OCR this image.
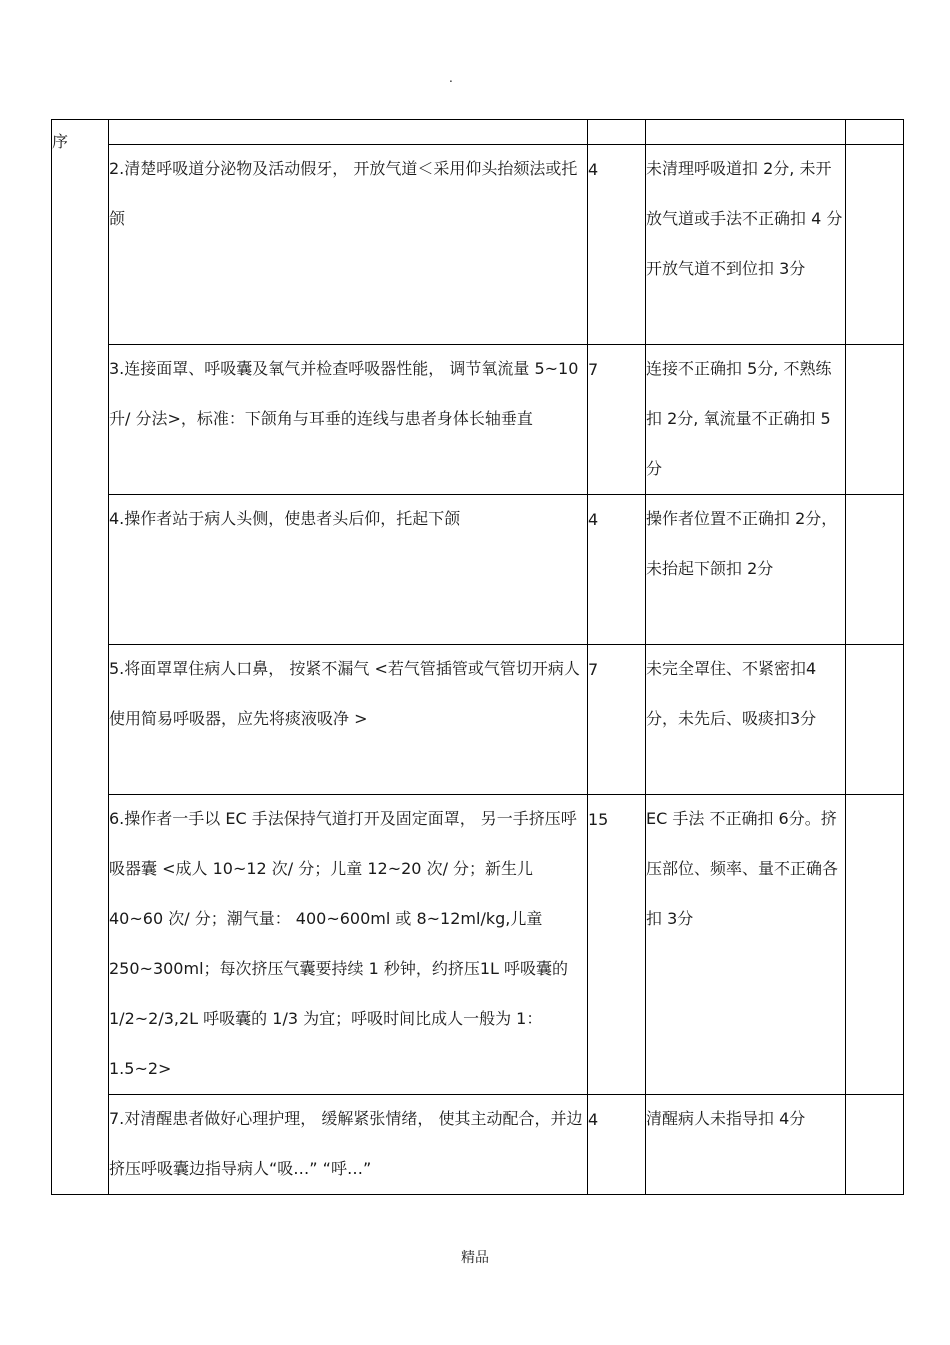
.
序				

	2.清楚呼吸道分泌物及活动假牙， 开放气道＜采用仰头抬颏法或托颌	4	未清理呼吸道扣 2分, 未开放气道或手法不正确扣 4 分开放气道不到位扣 3分	

	3.连接面罩、呼吸囊及氧气并检查呼吸器性能， 调节氧流量 5~10 升/ 分法>，标准：下颌角与耳垂的连线与患者身体长轴垂直	7	连接不正确扣 5分, 不熟练扣 2分, 氧流量不正确扣 5分	

	4.操作者站于病人头侧，使患者头后仰，托起下颌	4	操作者位置不正确扣 2分，未抬起下颌扣 2分	

	5.将面罩罩住病人口鼻， 按紧不漏气 <若气管插管或气管切开病人使用简易呼吸器，应先将痰液吸净 >	7	未完全罩住、不紧密扣4分，未先后、吸痰扣3分	

	6.操作者一手以 EC 手法保持气道打开及固定面罩， 另一手挤压呼吸器囊 <成人 10~12 次/ 分；儿童 12~20 次/ 分；新生儿 40~60 次/ 分；潮气量： 400~600ml 或 8~12ml/kg,儿童 250~300ml；每次挤压气囊要持续 1 秒钟，约挤压1L 呼吸囊的 1/2~2/3,2L 呼吸囊的 1/3 为宜；呼吸时间比成人一般为 1：1.5~2>	15	EC 手法 不正确扣 6分。挤压部位、频率、量不正确各扣 3分	

	7.对清醒患者做好心理护理， 缓解紧张情绪， 使其主动配合，并边挤压呼吸囊边指导病人“吸…” “呼…”	4	清醒病人未指导扣 4分	

精品
